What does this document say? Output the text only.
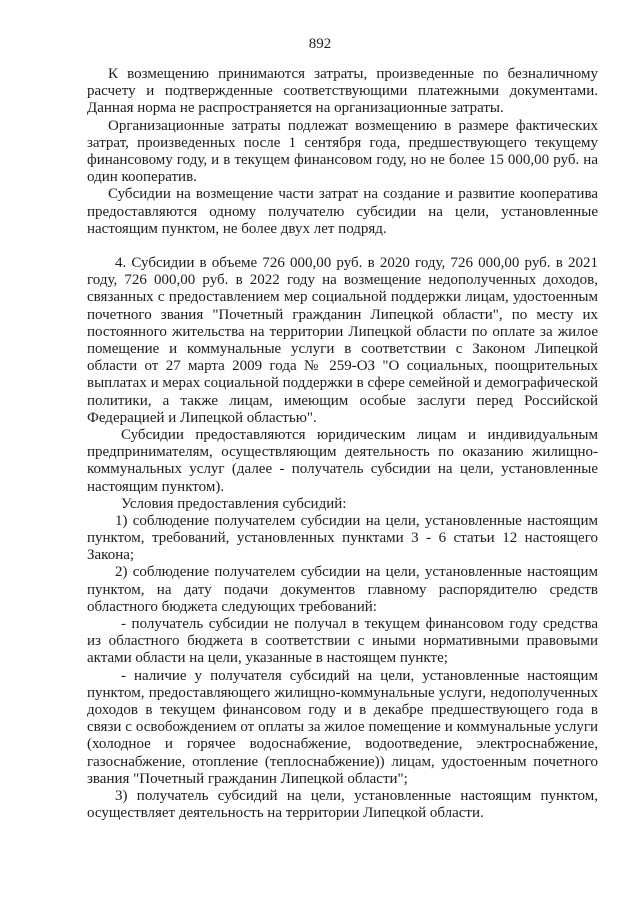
892
К возмещению принимаются затраты, произведенные по безналичному
расчету и подтвержденные соответствующими платежными документами.
Данная норма не распространяется на организационные затраты.
Организационные затраты подлежат возмещению в размере фактических
затрат, произведенных после 1 сентября года, предшествующего текущему
финансовому году, и в текущем финансовом году, но не более 15 000,00 руб. на
один кооператив.
Субсидии на возмещение части затрат на создание и развитие кооператива
предоставляются одному получателю субсидии на цели, установленные
настоящим пунктом, не более двух лет подряд.
4. Субсидии в объеме 726 000,00 руб. в 2020 году, 726 000,00 руб. в 2021
году, 726 000,00 руб. в 2022 году на возмещение недополученных доходов,
связанных с предоставлением мер социальной поддержки лицам, удостоенным
почетного звания "Почетный гражданин Липецкой области", по месту их
постоянного жительства на территории Липецкой области по оплате за жилое
помещение и коммунальные услуги в соответствии с Законом Липецкой
области от 27 марта 2009 года № 259-ОЗ "О социальных, поощрительных
выплатах и мерах социальной поддержки в сфере семейной и демографической
политики, а также лицам, имеющим особые заслуги перед Российской
Федерацией и Липецкой областью".
Субсидии предоставляются юридическим лицам и индивидуальным
предпринимателям, осуществляющим деятельность по оказанию жилищно-
коммунальных услуг (далее - получатель субсидии на цели, установленные
настоящим пунктом).
Условия предоставления субсидий:
1) соблюдение получателем субсидии на цели, установленные настоящим
пунктом, требований, установленных пунктами 3 - 6 статьи 12 настоящего
Закона;
2) соблюдение получателем субсидии на цели, установленные настоящим
пунктом, на дату подачи документов главному распорядителю средств
областного бюджета следующих требований:
- получатель субсидии не получал в текущем финансовом году средства
из областного бюджета в соответствии с иными нормативными правовыми
актами области на цели, указанные в настоящем пункте;
- наличие у получателя субсидий на цели, установленные настоящим
пунктом, предоставляющего жилищно-коммунальные услуги, недополученных
доходов в текущем финансовом году и в декабре предшествующего года в
связи с освобождением от оплаты за жилое помещение и коммунальные услуги
(холодное и горячее водоснабжение, водоотведение, электроснабжение,
газоснабжение, отопление (теплоснабжение)) лицам, удостоенным почетного
звания "Почетный гражданин Липецкой области";
3) получатель субсидий на цели, установленные настоящим пунктом,
осуществляет деятельность на территории Липецкой области.
